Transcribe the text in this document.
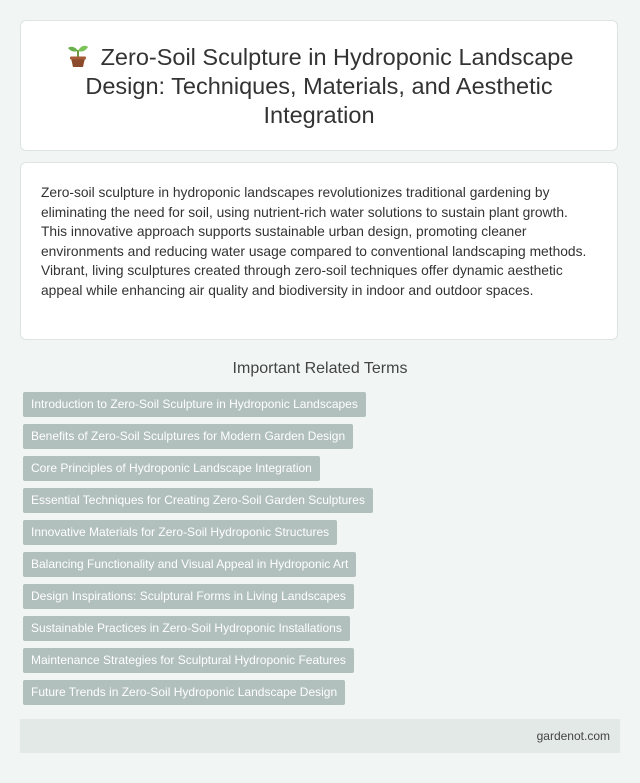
Zero-Soil Sculpture in Hydroponic Landscape Design: Techniques, Materials, and Aesthetic Integration

Zero-soil sculpture in hydroponic landscapes revolutionizes traditional gardening by eliminating the need for soil, using nutrient-rich water solutions to sustain plant growth. This innovative approach supports sustainable urban design, promoting cleaner environments and reducing water usage compared to conventional landscaping methods. Vibrant, living sculptures created through zero-soil techniques offer dynamic aesthetic appeal while enhancing air quality and biodiversity in indoor and outdoor spaces.

Important Related Terms
Introduction to Zero-Soil Sculpture in Hydroponic Landscapes
Benefits of Zero-Soil Sculptures for Modern Garden Design
Core Principles of Hydroponic Landscape Integration
Essential Techniques for Creating Zero-Soil Garden Sculptures
Innovative Materials for Zero-Soil Hydroponic Structures
Balancing Functionality and Visual Appeal in Hydroponic Art
Design Inspirations: Sculptural Forms in Living Landscapes
Sustainable Practices in Zero-Soil Hydroponic Installations
Maintenance Strategies for Sculptural Hydroponic Features
Future Trends in Zero-Soil Hydroponic Landscape Design
gardenot.com
